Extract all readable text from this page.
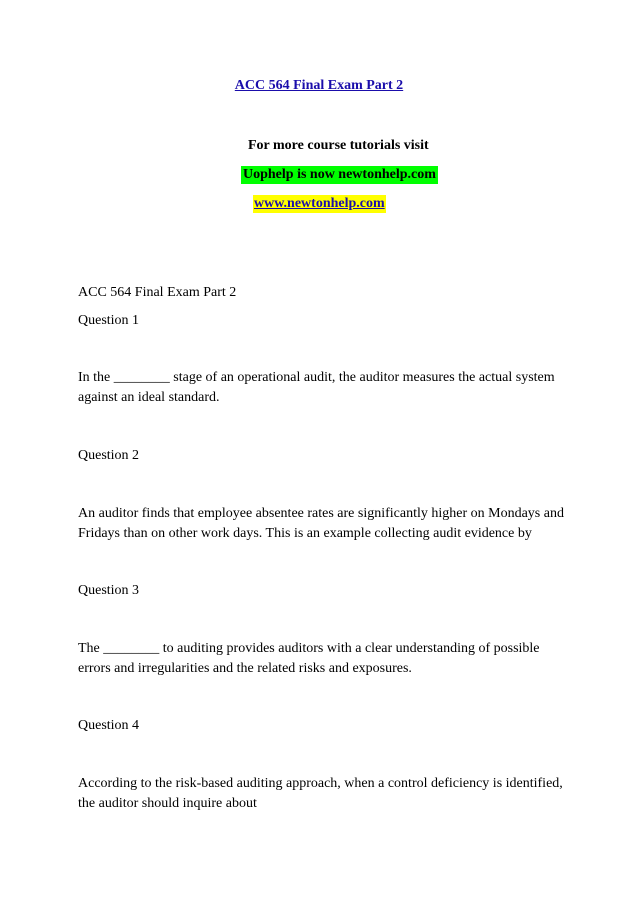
ACC 564 Final Exam Part 2
For more course tutorials visit
Uophelp is now newtonhelp.com
www.newtonhelp.com
ACC 564 Final Exam Part 2
Question 1
In the ________ stage of an operational audit, the auditor measures the actual system
against an ideal standard.
Question 2
An auditor finds that employee absentee rates are significantly higher on Mondays and
Fridays than on other work days. This is an example collecting audit evidence by
Question 3
The ________ to auditing provides auditors with a clear understanding of possible
errors and irregularities and the related risks and exposures.
Question 4
According to the risk-based auditing approach, when a control deficiency is identified,
the auditor should inquire about
